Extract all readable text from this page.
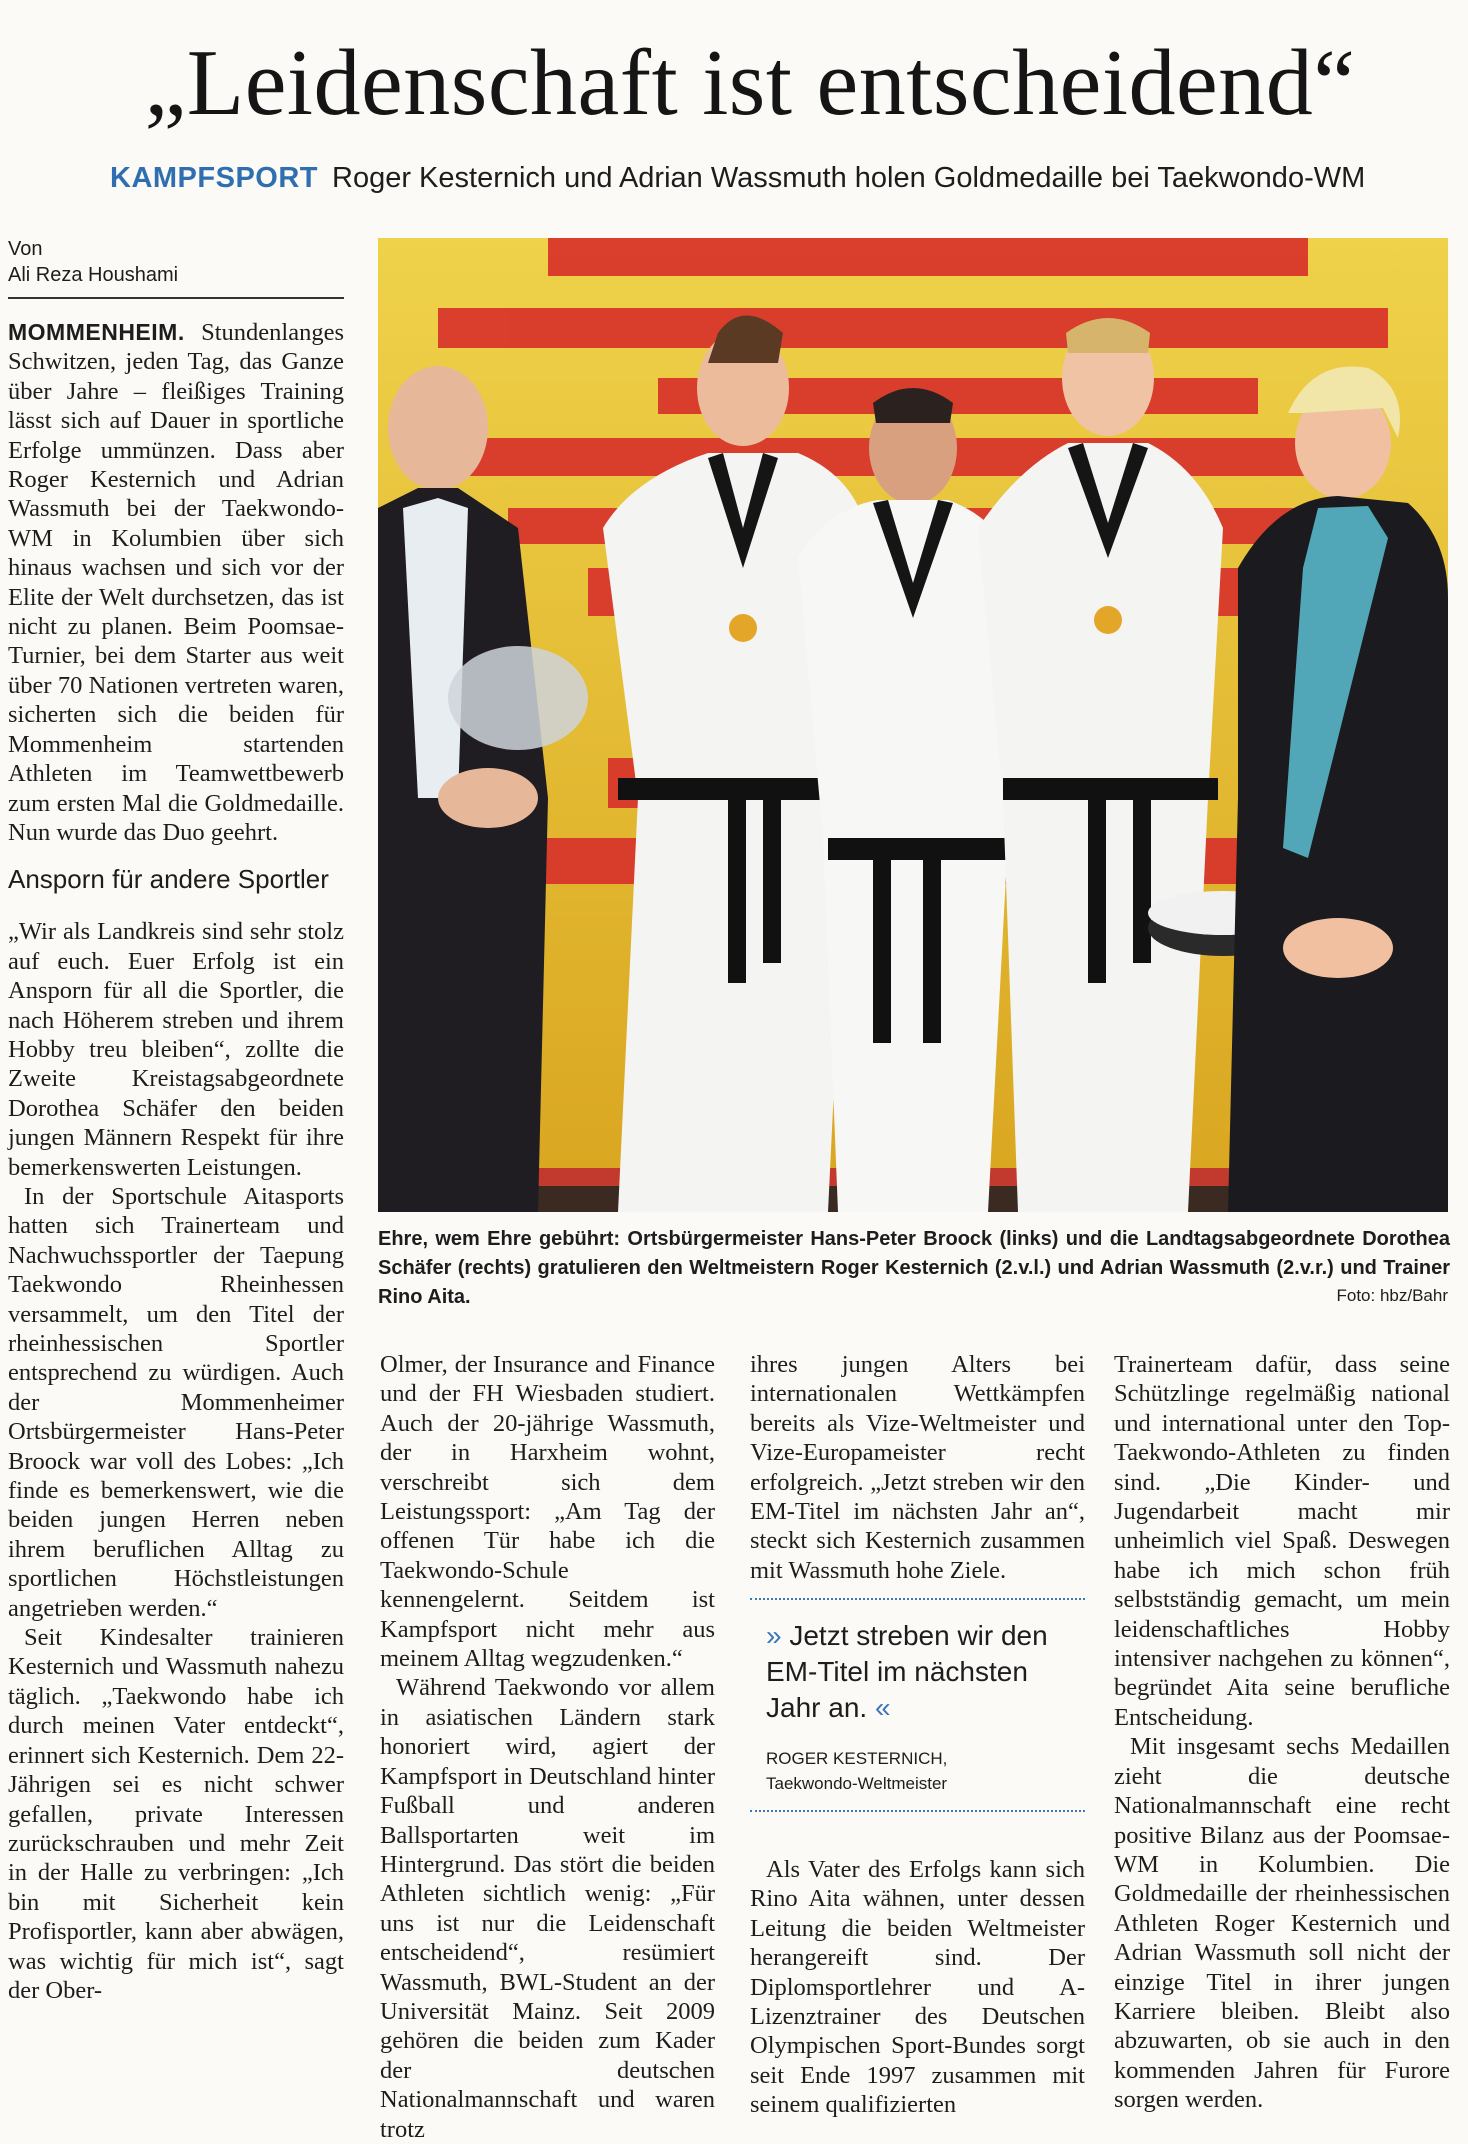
„Leidenschaft ist entscheidend“
KAMPFSPORT Roger Kesternich und Adrian Wassmuth holen Goldmedaille bei Taekwondo-WM
Von
Ali Reza Houshami

MOMMENHEIM. Stundenlanges Schwitzen, jeden Tag, das Ganze über Jahre – fleißiges Training lässt sich auf Dauer in sportliche Erfolge ummünzen. Dass aber Roger Kesternich und Adrian Wassmuth bei der Taekwondo-WM in Kolumbien über sich hinaus wachsen und sich vor der Elite der Welt durchsetzen, das ist nicht zu planen. Beim Poomsae-Turnier, bei dem Starter aus weit über 70 Nationen vertreten waren, sicherten sich die beiden für Mommenheim startenden Athleten im Teamwettbewerb zum ersten Mal die Goldmedaille. Nun wurde das Duo geehrt.

Ansporn für andere Sportler

„Wir als Landkreis sind sehr stolz auf euch. Euer Erfolg ist ein Ansporn für all die Sportler, die nach Höherem streben und ihrem Hobby treu bleiben“, zollte die Zweite Kreistagsabgeordnete Dorothea Schäfer den beiden jungen Männern Respekt für ihre bemerkenswerten Leistungen.

In der Sportschule Aitasports hatten sich Trainerteam und Nachwuchssportler der Taepung Taekwondo Rheinhessen versammelt, um den Titel der rheinhessischen Sportler entsprechend zu würdigen. Auch der Mommenheimer Ortsbürgermeister Hans-Peter Broock war voll des Lobes: „Ich finde es bemerkenswert, wie die beiden jungen Herren neben ihrem beruflichen Alltag zu sportlichen Höchstleistungen angetrieben werden.“

Seit Kindesalter trainieren Kesternich und Wassmuth nahezu täglich. „Taekwondo habe ich durch meinen Vater entdeckt“, erinnert sich Kesternich. Dem 22-Jährigen sei es nicht schwer gefallen, private Interessen zurückschrauben und mehr Zeit in der Halle zu verbringen: „Ich bin mit Sicherheit kein Profisportler, kann aber abwägen, was wichtig für mich ist“, sagt der Ober-

Ehre, wem Ehre gebührt: Ortsbürgermeister Hans-Peter Broock (links) und die Landtagsabgeordnete Dorothea Schäfer (rechts) gratulieren den Weltmeistern Roger Kesternich (2.v.l.) und Adrian Wassmuth (2.v.r.) und Trainer Rino Aita.	Foto: hbz/Bahr

Olmer, der Insurance and Finance und der FH Wiesbaden studiert. Auch der 20-jährige Wassmuth, der in Harxheim wohnt, verschreibt sich dem Leistungssport: „Am Tag der offenen Tür habe ich die Taekwondo-Schule kennengelernt. Seitdem ist Kampfsport nicht mehr aus meinem Alltag wegzudenken.“

Während Taekwondo vor allem in asiatischen Ländern stark honoriert wird, agiert der Kampfsport in Deutschland hinter Fußball und anderen Ballsportarten weit im Hintergrund. Das stört die beiden Athleten sichtlich wenig: „Für uns ist nur die Leidenschaft entscheidend“, resümiert Wassmuth, BWL-Student an der Universität Mainz. Seit 2009 gehören die beiden zum Kader der deutschen Nationalmannschaft und waren trotz

ihres jungen Alters bei internationalen Wettkämpfen bereits als Vize-Weltmeister und Vize-Europameister recht erfolgreich. „Jetzt streben wir den EM-Titel im nächsten Jahr an“, steckt sich Kesternich zusammen mit Wassmuth hohe Ziele.

» Jetzt streben wir den EM-Titel im nächsten Jahr an. «
ROGER KESTERNICH,
Taekwondo-Weltmeister

Als Vater des Erfolgs kann sich Rino Aita wähnen, unter dessen Leitung die beiden Weltmeister herangereift sind. Der Diplomsportlehrer und A-Lizenztrainer des Deutschen Olympischen Sport-Bundes sorgt seit Ende 1997 zusammen mit seinem qualifizierten

Trainerteam dafür, dass seine Schützlinge regelmäßig national und international unter den Top-Taekwondo-Athleten zu finden sind. „Die Kinder- und Jugendarbeit macht mir unheimlich viel Spaß. Deswegen habe ich mich schon früh selbstständig gemacht, um mein leidenschaftliches Hobby intensiver nachgehen zu können“, begründet Aita seine berufliche Entscheidung.

Mit insgesamt sechs Medaillen zieht die deutsche Nationalmannschaft eine recht positive Bilanz aus der Poomsae-WM in Kolumbien. Die Goldmedaille der rheinhessischen Athleten Roger Kesternich und Adrian Wassmuth soll nicht der einzige Titel in ihrer jungen Karriere bleiben. Bleibt also abzuwarten, ob sie auch in den kommenden Jahren für Furore sorgen werden.
